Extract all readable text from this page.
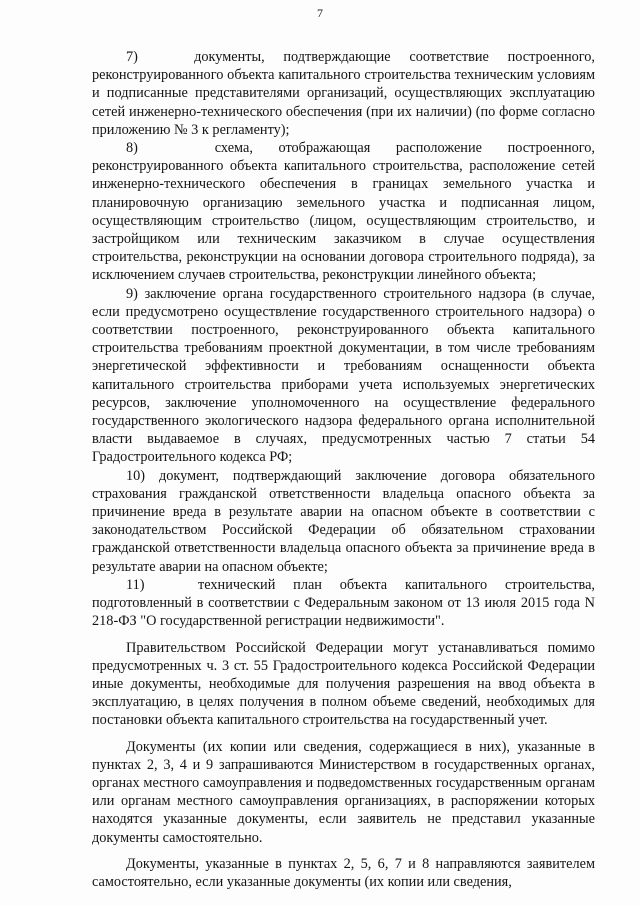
7

7)   документы, подтверждающие соответствие построенного, реконструированного объекта капитального строительства техническим условиям и подписанные представителями организаций, осуществляющих эксплуатацию сетей инженерно-технического обеспечения (при их наличии) (по форме согласно приложению № 3 к регламенту);

8)   схема, отображающая расположение построенного, реконструированного объекта капитального строительства, расположение сетей инженерно-технического обеспечения в границах земельного участка и планировочную организацию земельного участка и подписанная лицом, осуществляющим строительство (лицом, осуществляющим строительство, и застройщиком или техническим заказчиком в случае осуществления строительства, реконструкции на основании договора строительного подряда), за исключением случаев строительства, реконструкции линейного объекта;

9) заключение органа государственного строительного надзора (в случае, если предусмотрено осуществление государственного строительного надзора) о соответствии построенного, реконструированного объекта капитального строительства требованиям проектной документации, в том числе требованиям энергетической эффективности и требованиям оснащенности объекта капитального строительства приборами учета используемых энергетических ресурсов, заключение уполномоченного на осуществление федерального государственного экологического надзора федерального органа исполнительной власти выдаваемое в случаях, предусмотренных частью 7 статьи 54 Градостроительного кодекса РФ;

10) документ, подтверждающий заключение договора обязательного страхования гражданской ответственности владельца опасного объекта за причинение вреда в результате аварии на опасном объекте в соответствии с законодательством Российской Федерации об обязательном страховании гражданской ответственности владельца опасного объекта за причинение вреда в результате аварии на опасном объекте;

11)   технический план объекта капитального строительства, подготовленный в соответствии с Федеральным законом от 13 июля 2015 года N 218-ФЗ "О государственной регистрации недвижимости".

Правительством Российской Федерации могут устанавливаться помимо предусмотренных ч. 3 ст. 55 Градостроительного кодекса Российской Федерации иные документы, необходимые для получения разрешения на ввод объекта в эксплуатацию, в целях получения в полном объеме сведений, необходимых для постановки объекта капитального строительства на государственный учет.

Документы (их копии или сведения, содержащиеся в них), указанные в пунктах 2, 3, 4 и 9 запрашиваются Министерством в государственных органах, органах местного самоуправления и подведомственных государственным органам или органам местного самоуправления организациях, в распоряжении которых находятся указанные документы, если заявитель не представил указанные документы самостоятельно.

Документы, указанные в пунктах 2, 5, 6, 7 и 8 направляются заявителем самостоятельно, если указанные документы (их копии или сведения,
